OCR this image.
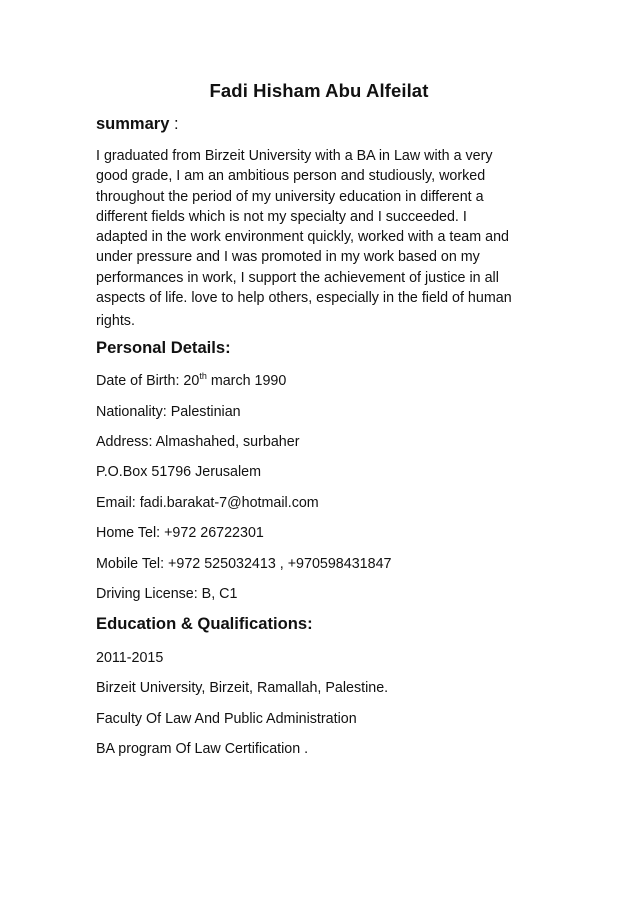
Fadi Hisham Abu Alfeilat
summary :
I graduated from Birzeit University with a BA in Law with a very
good grade, I am an ambitious person and studiously, worked
throughout the period of my university education in different a
different fields which is not my specialty and I succeeded. I
adapted in the work environment quickly, worked with a team and
under pressure and I was promoted in my work based on my
performances in work, I support the achievement of justice in all
aspects of life. love to help others, especially in the field of human
rights.
Personal Details:
Date of Birth: 20th march 1990
Nationality: Palestinian
Address: Almashahed, surbaher
P.O.Box 51796 Jerusalem
Email: fadi.barakat-7@hotmail.com
Home Tel: +972 26722301
Mobile Tel: +972 525032413 , +970598431847
Driving License: B, C1
Education & Qualifications:
2011-2015
Birzeit University, Birzeit, Ramallah, Palestine.
Faculty Of Law And Public Administration
BA program Of Law Certification .
